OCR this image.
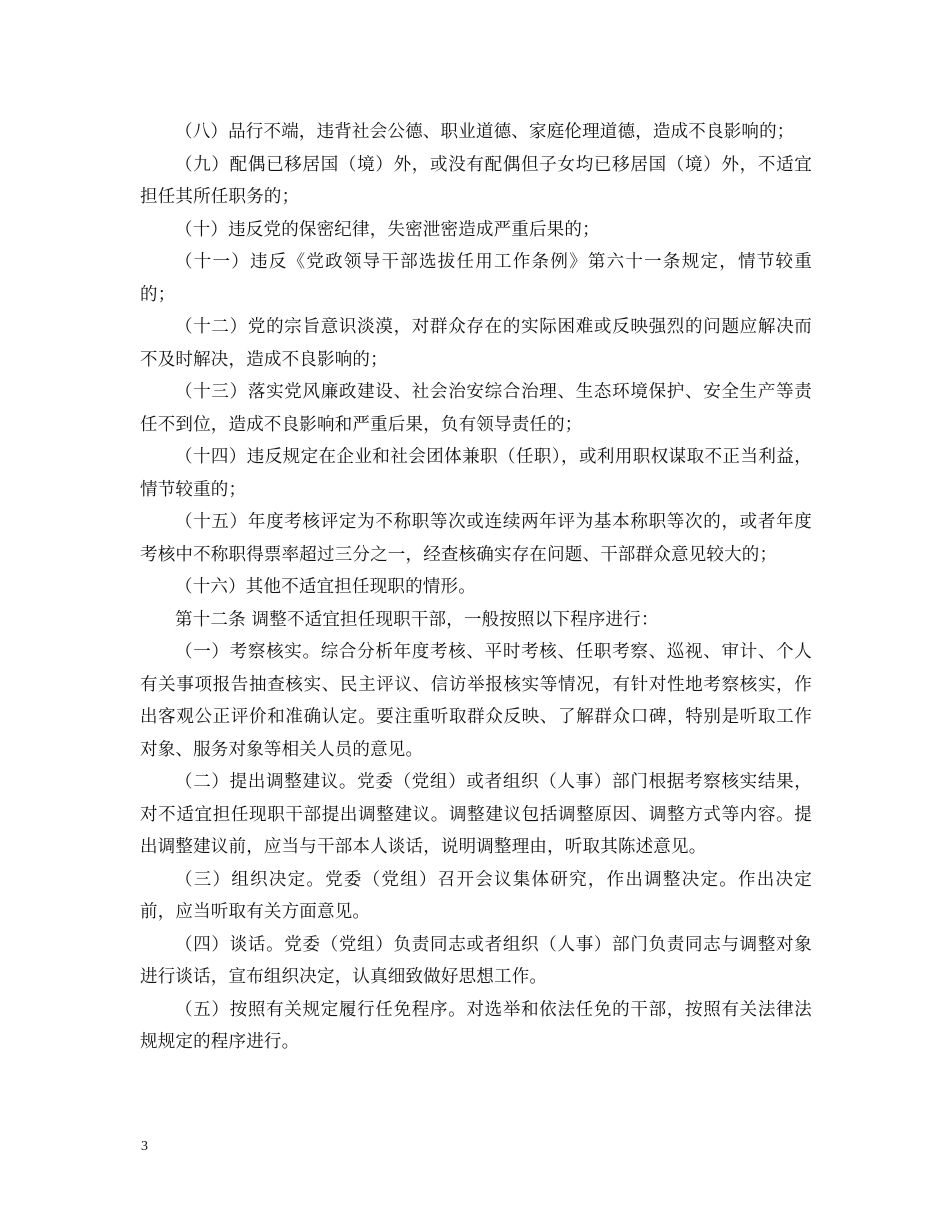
（八）品行不端，违背社会公德、职业道德、家庭伦理道德，造成不良影响的；

（九）配偶已移居国（境）外，或没有配偶但子女均已移居国（境）外，不适宜担任其所任职务的；

（十）违反党的保密纪律，失密泄密造成严重后果的；

（十一）违反《党政领导干部选拔任用工作条例》第六十一条规定，情节较重的；

（十二）党的宗旨意识淡漠，对群众存在的实际困难或反映强烈的问题应解决而不及时解决，造成不良影响的；

（十三）落实党风廉政建设、社会治安综合治理、生态环境保护、安全生产等责任不到位，造成不良影响和严重后果，负有领导责任的；

（十四）违反规定在企业和社会团体兼职（任职），或利用职权谋取不正当利益，情节较重的；

（十五）年度考核评定为不称职等次或连续两年评为基本称职等次的，或者年度考核中不称职得票率超过三分之一，经查核确实存在问题、干部群众意见较大的；

（十六）其他不适宜担任现职的情形。

第十二条 调整不适宜担任现职干部，一般按照以下程序进行：

（一）考察核实。综合分析年度考核、平时考核、任职考察、巡视、审计、个人有关事项报告抽查核实、民主评议、信访举报核实等情况，有针对性地考察核实，作出客观公正评价和准确认定。要注重听取群众反映、了解群众口碑，特别是听取工作对象、服务对象等相关人员的意见。

（二）提出调整建议。党委（党组）或者组织（人事）部门根据考察核实结果，对不适宜担任现职干部提出调整建议。调整建议包括调整原因、调整方式等内容。提出调整建议前，应当与干部本人谈话，说明调整理由，听取其陈述意见。

（三）组织决定。党委（党组）召开会议集体研究，作出调整决定。作出决定前，应当听取有关方面意见。

（四）谈话。党委（党组）负责同志或者组织（人事）部门负责同志与调整对象进行谈话，宣布组织决定，认真细致做好思想工作。

（五）按照有关规定履行任免程序。对选举和依法任免的干部，按照有关法律法规规定的程序进行。

3
